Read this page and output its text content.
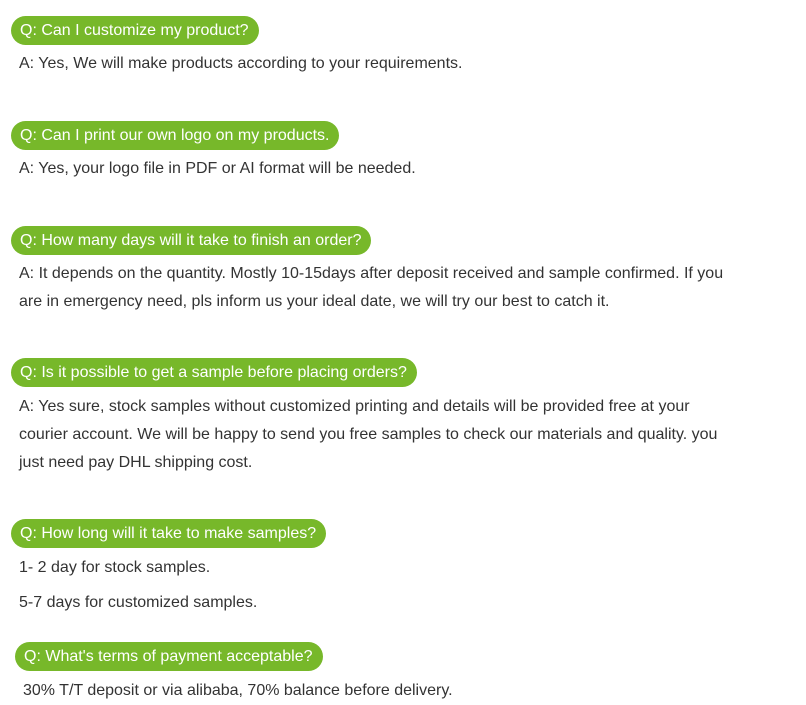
Q: Can I customize my product?
A: Yes, We will make products according to your requirements.
Q: Can I print our own logo on my products.
A: Yes, your logo file in PDF or AI format will be needed.
Q: How many days will it take to finish an order?
A: It depends on the quantity. Mostly 10-15days after deposit received and sample confirmed. If you are in emergency need, pls inform us your ideal date, we will try our best to catch it.
Q: Is it possible to get a sample before placing orders?
A: Yes sure, stock samples without customized printing and details will be provided free at your courier account. We will be happy to send you free samples to check our materials and quality. you just need pay DHL shipping cost.
Q: How long will it take to make samples?
1- 2 day for stock samples.
5-7 days for customized samples.
Q: What's terms of payment acceptable?
30% T/T deposit or via alibaba, 70% balance before delivery.
